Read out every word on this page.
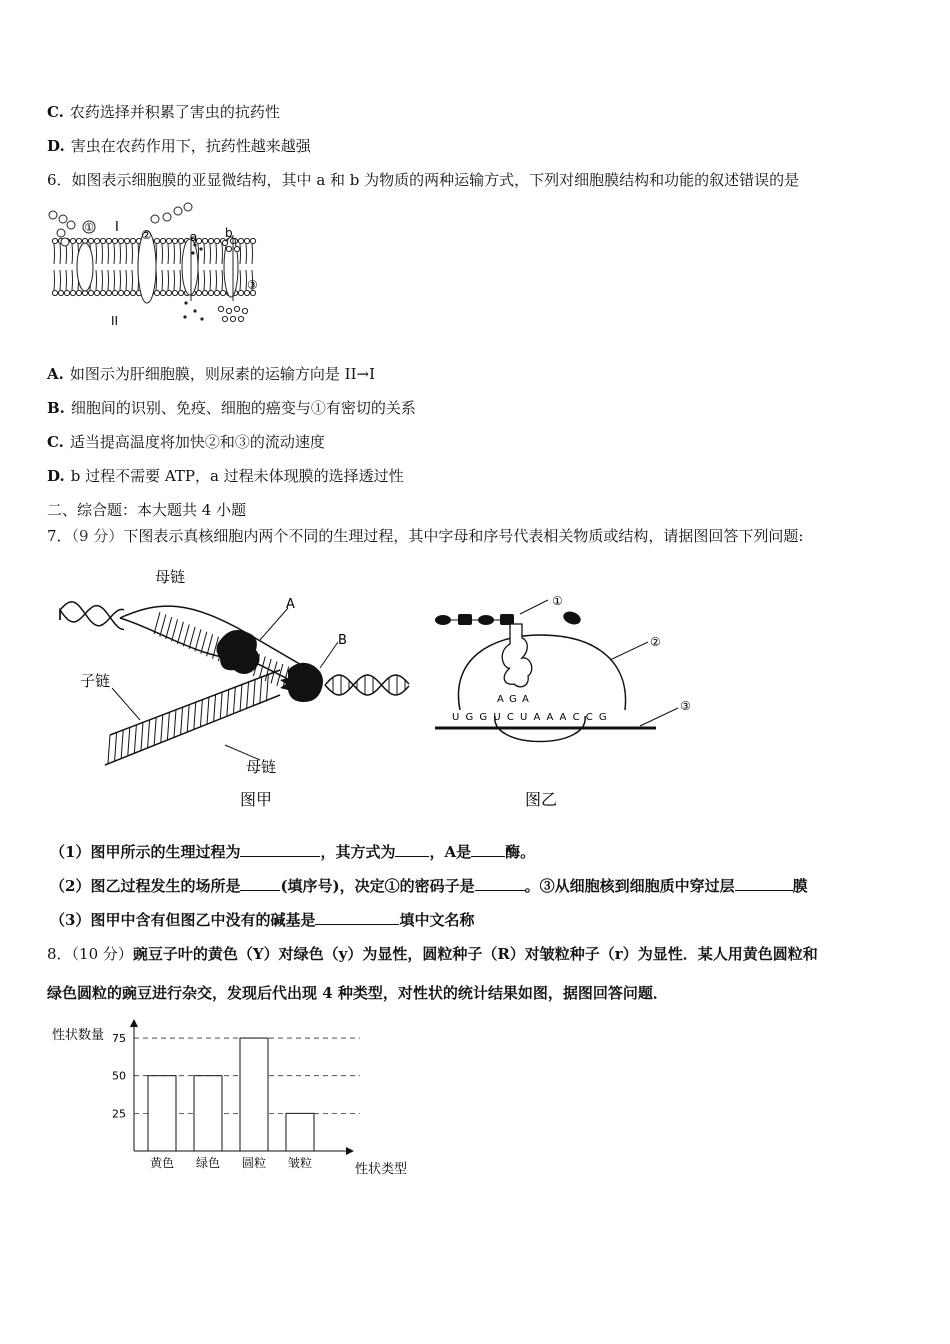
C. 农药选择并积累了害虫的抗药性
D. 害虫在农药作用下，抗药性越来越强
6．如图表示细胞膜的亚显微结构，其中 a 和 b 为物质的两种运输方式，下列对细胞膜结构和功能的叙述错误的是
① I ②	a b
③
II
A. 如图示为肝细胞膜，则尿素的运输方向是 II→I
B. 细胞间的识别、免疫、细胞的癌变与①有密切的关系
C. 适当提高温度将加快②和③的流动速度
D. b 过程不需要 ATP，a 过程未体现膜的选择透过性
二、综合题：本大题共 4 小题
7．（9 分）下图表示真核细胞内两个不同的生理过程，其中字母和序号代表相关物质或结构，请据图回答下列问题:
母链
A
B
子链
母链
图甲
①
A G A
U G G U C U A A A C C G
②
③
图乙
（1）图甲所示的生理过程为	，其方式为 ，A是 酶。
（2）图乙过程发生的场所是	(填序号)，决定①的密码子是	。③从细胞核到细胞质中穿过层	膜
（3）图甲中含有但图乙中没有的碱基是	填中文名称
8．（10 分）豌豆子叶的黄色（Y）对绿色（y）为显性，圆粒种子（R）对皱粒种子（r）为显性．某人用黄色圆粒和
绿色圆粒的豌豆进行杂交，发现后代出现 4 种类型，对性状的统计结果如图，据图回答问题．
性状数量
性状类型
25
50
75
黄色 绿色 圆粒 皱粒
